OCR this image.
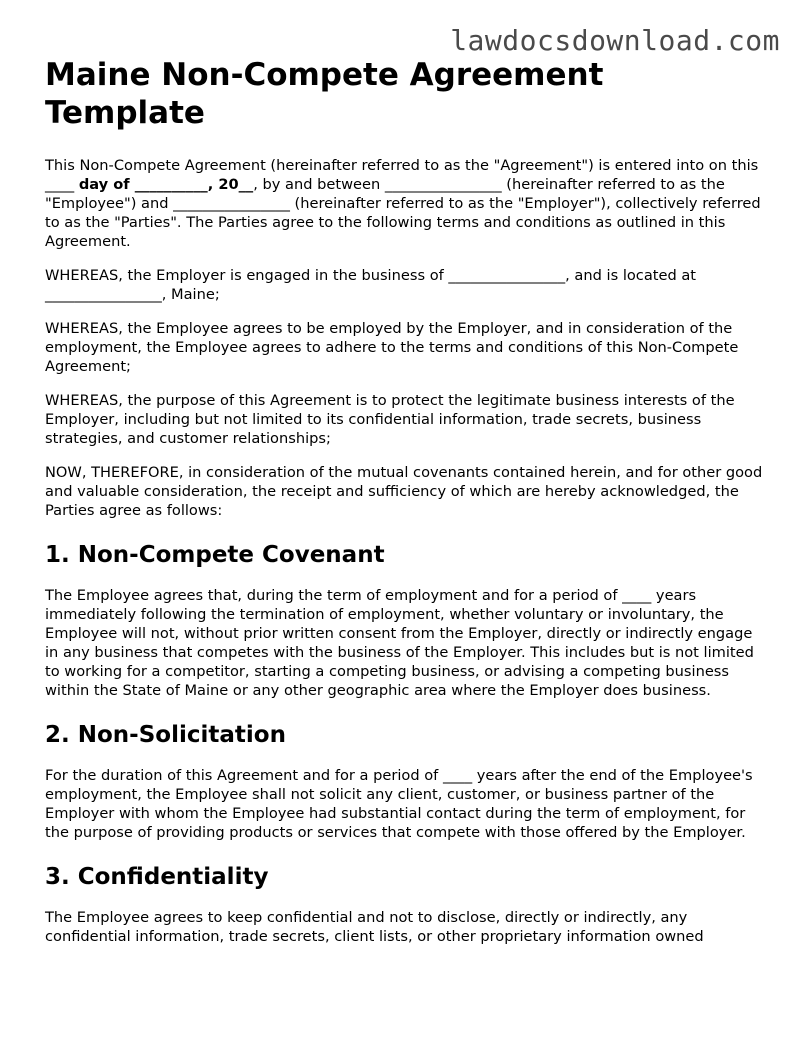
lawdocsdownload.com
Maine Non-Compete Agreement
Template

This Non-Compete Agreement (hereinafter referred to as the "Agreement") is entered into on this ____ day of __________, 20__, by and between ________________ (hereinafter referred to as the "Employee") and ________________ (hereinafter referred to as the "Employer"), collectively referred to as the "Parties". The Parties agree to the following terms and conditions as outlined in this Agreement.

WHEREAS, the Employer is engaged in the business of ________________, and is located at ________________, Maine;

WHEREAS, the Employee agrees to be employed by the Employer, and in consideration of the employment, the Employee agrees to adhere to the terms and conditions of this Non-Compete Agreement;

WHEREAS, the purpose of this Agreement is to protect the legitimate business interests of the Employer, including but not limited to its confidential information, trade secrets, business strategies, and customer relationships;

NOW, THEREFORE, in consideration of the mutual covenants contained herein, and for other good and valuable consideration, the receipt and sufficiency of which are hereby acknowledged, the Parties agree as follows:

1. Non-Compete Covenant

The Employee agrees that, during the term of employment and for a period of ____ years immediately following the termination of employment, whether voluntary or involuntary, the Employee will not, without prior written consent from the Employer, directly or indirectly engage in any business that competes with the business of the Employer. This includes but is not limited to working for a competitor, starting a competing business, or advising a competing business within the State of Maine or any other geographic area where the Employer does business.

2. Non-Solicitation

For the duration of this Agreement and for a period of ____ years after the end of the Employee's employment, the Employee shall not solicit any client, customer, or business partner of the Employer with whom the Employee had substantial contact during the term of employment, for the purpose of providing products or services that compete with those offered by the Employer.

3. Confidentiality

The Employee agrees to keep confidential and not to disclose, directly or indirectly, any confidential information, trade secrets, client lists, or other proprietary information owned
